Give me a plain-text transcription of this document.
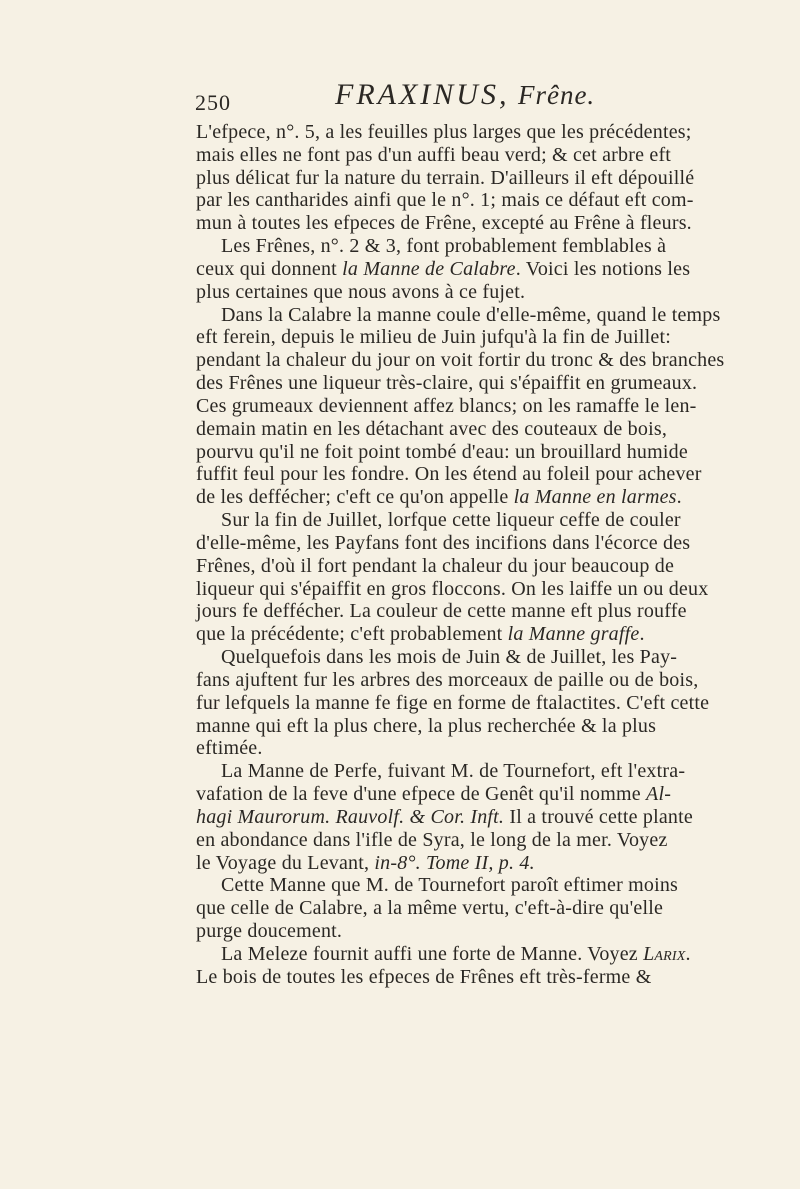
250	FRAXINUS, Frêne.
L'efpece, n°. 5, a les feuilles plus larges que les précédentes;
mais elles ne font pas d'un auffi beau verd; & cet arbre eft
plus délicat fur la nature du terrain. D'ailleurs il eft dépouillé
par les cantharides ainfi que le n°. 1; mais ce défaut eft com-
mun à toutes les efpeces de Frêne, excepté au Frêne à fleurs.
Les Frênes, n°. 2 & 3, font probablement femblables à
ceux qui donnent la Manne de Calabre. Voici les notions les
plus certaines que nous avons à ce fujet.
Dans la Calabre la manne coule d'elle-même, quand le temps
eft ferein, depuis le milieu de Juin jufqu'à la fin de Juillet:
pendant la chaleur du jour on voit fortir du tronc & des branches
des Frênes une liqueur très-claire, qui s'épaiffit en grumeaux.
Ces grumeaux deviennent affez blancs; on les ramaffe le len-
demain matin en les détachant avec des couteaux de bois,
pourvu qu'il ne foit point tombé d'eau: un brouillard humide
fuffit feul pour les fondre. On les étend au foleil pour achever
de les deffécher; c'eft ce qu'on appelle la Manne en larmes.
Sur la fin de Juillet, lorfque cette liqueur ceffe de couler
d'elle-même, les Payfans font des incifions dans l'écorce des
Frênes, d'où il fort pendant la chaleur du jour beaucoup de
liqueur qui s'épaiffit en gros floccons. On les laiffe un ou deux
jours fe deffécher. La couleur de cette manne eft plus rouffe
que la précédente; c'eft probablement la Manne graffe.
Quelquefois dans les mois de Juin & de Juillet, les Pay-
fans ajuftent fur les arbres des morceaux de paille ou de bois,
fur lefquels la manne fe fige en forme de ftalactites. C'eft cette
manne qui eft la plus chere, la plus recherchée & la plus
eftimée.
La Manne de Perfe, fuivant M. de Tournefort, eft l'extra-
vafation de la feve d'une efpece de Genêt qu'il nomme Al-
hagi Maurorum. Rauvolf. & Cor. Inft. Il a trouvé cette plante
en abondance dans l'ifle de Syra, le long de la mer. Voyez
le Voyage du Levant, in-8°. Tome II, p. 4.
Cette Manne que M. de Tournefort paroît eftimer moins
que celle de Calabre, a la même vertu, c'eft-à-dire qu'elle
purge doucement.
La Meleze fournit auffi une forte de Manne. Voyez Larix.
Le bois de toutes les efpeces de Frênes eft très-ferme &
